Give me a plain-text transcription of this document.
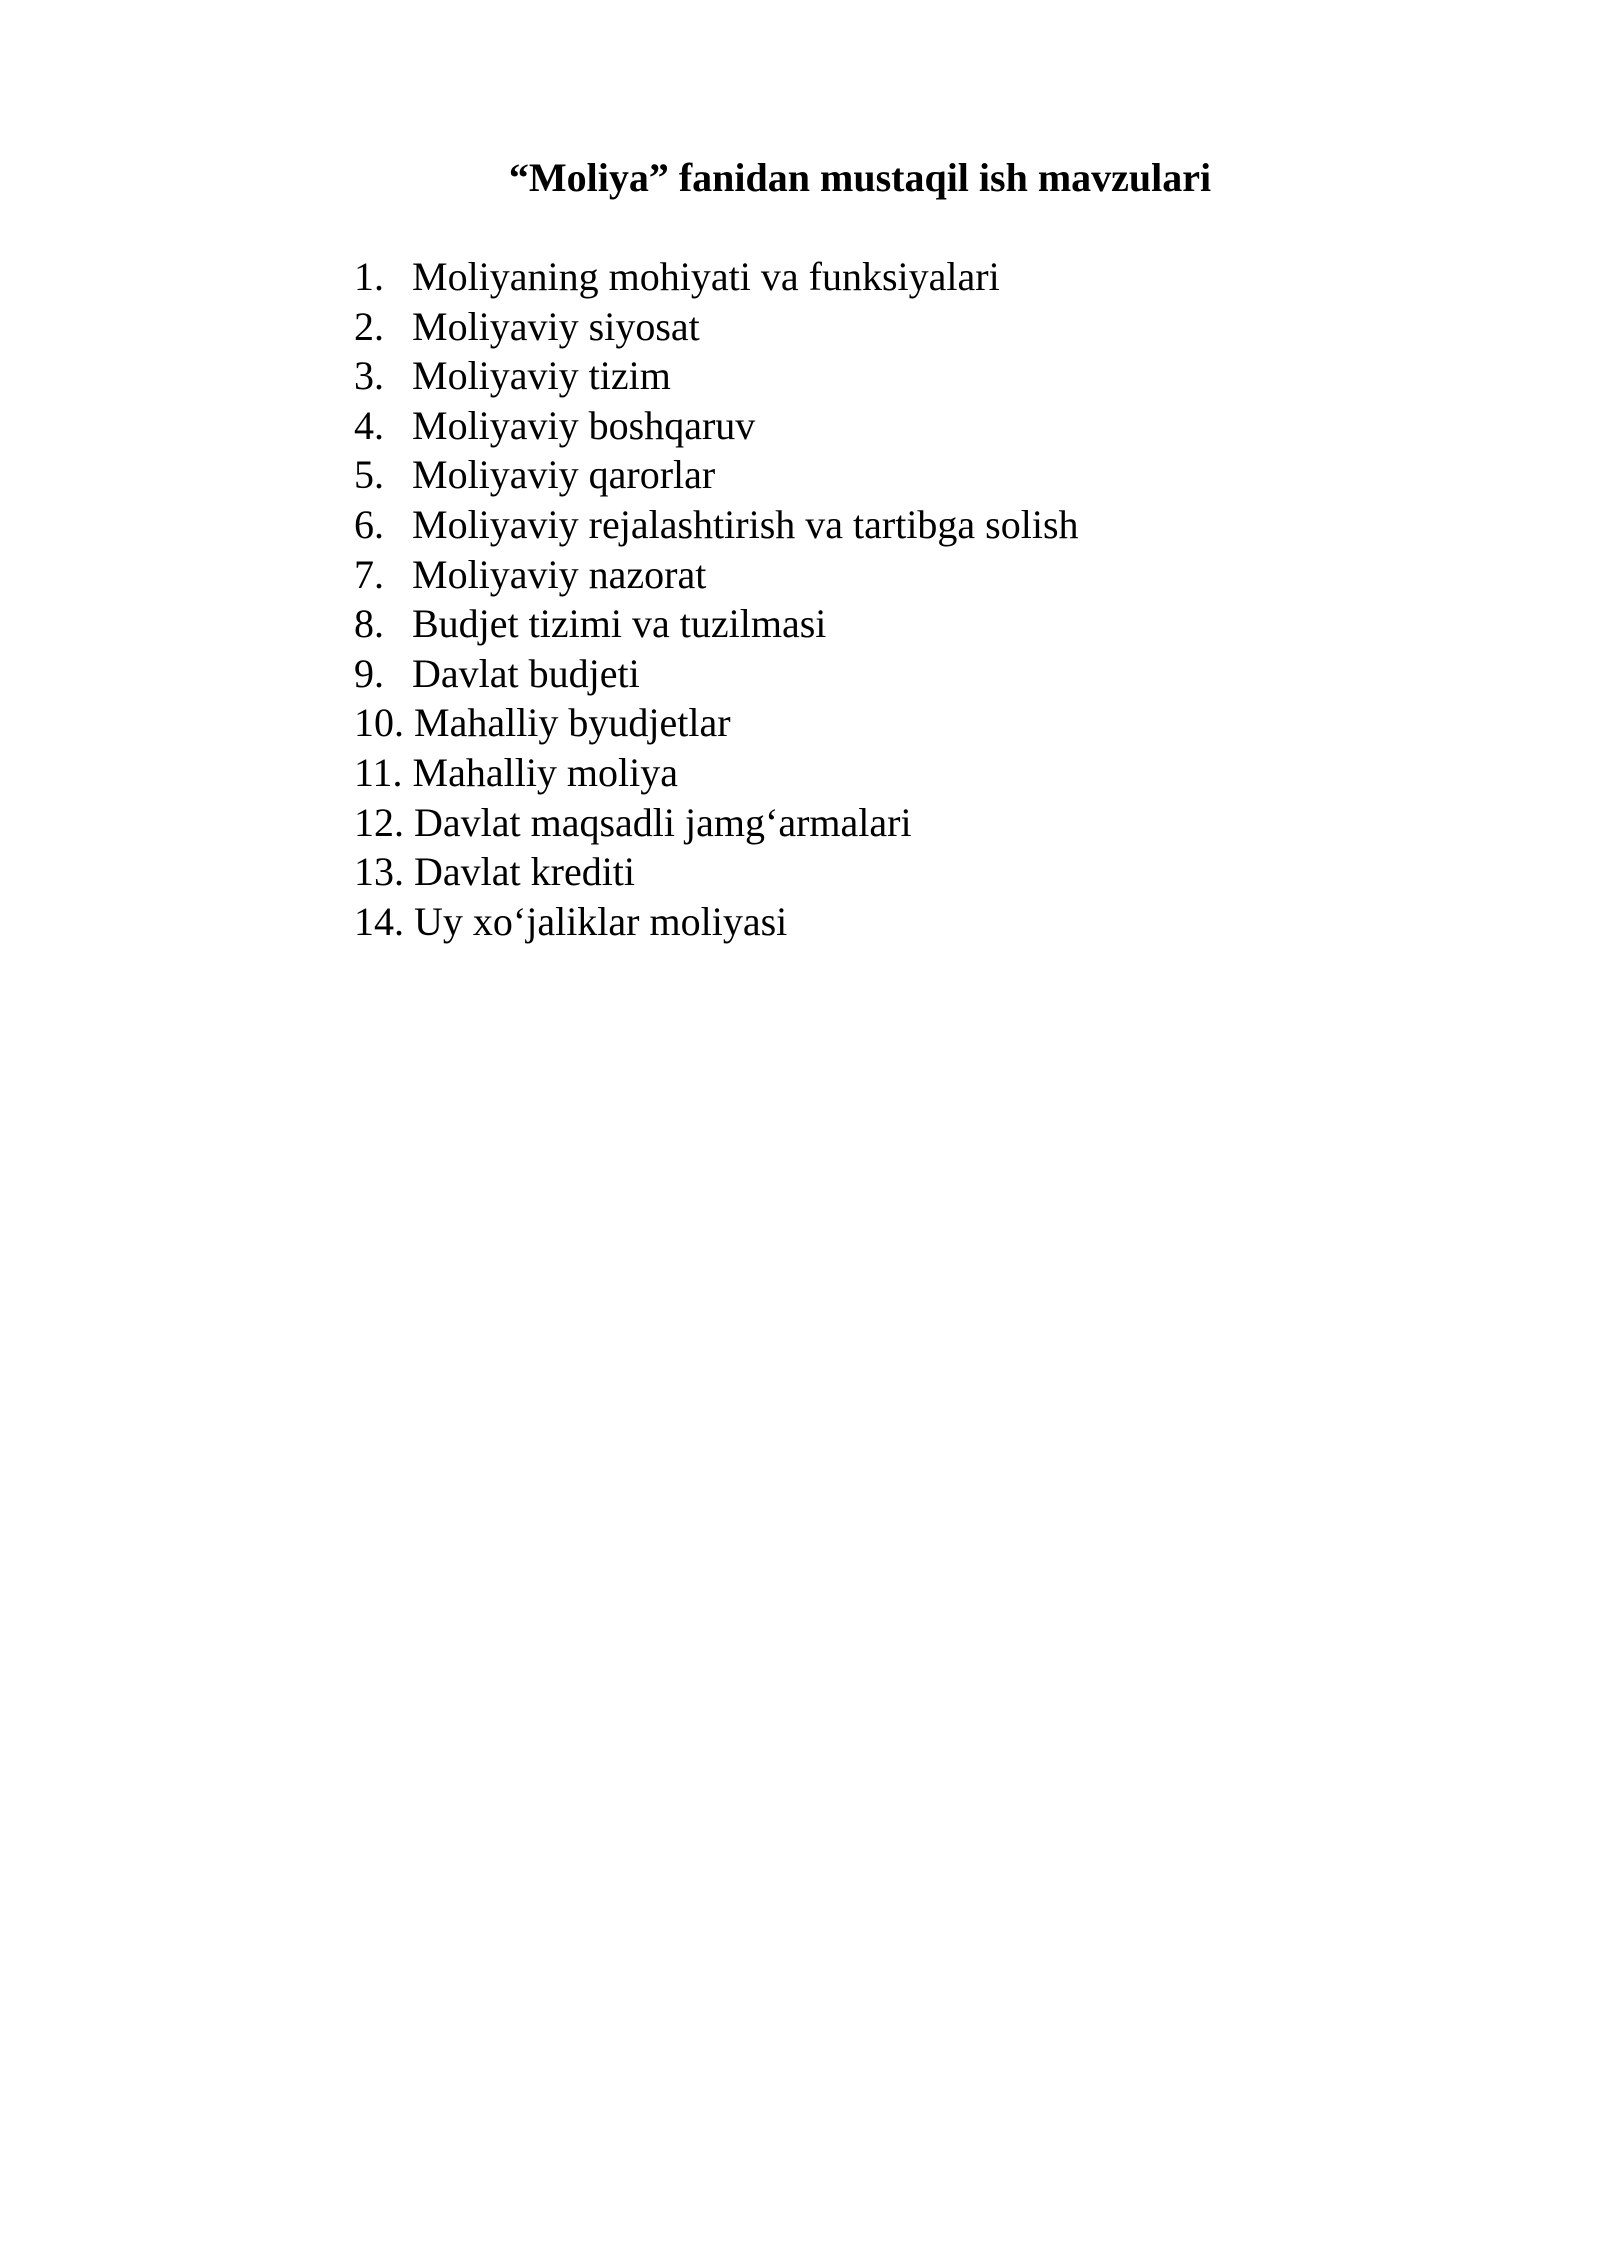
“Moliya” fanidan mustaqil ish mavzulari
1. Moliyaning mohiyati va funksiyalari
2. Moliyaviy siyosat
3. Moliyaviy tizim
4. Moliyaviy boshqaruv
5. Moliyaviy qarorlar
6. Moliyaviy rejalashtirish va tartibga solish
7. Moliyaviy nazorat
8. Budjet tizimi va tuzilmasi
9. Davlat budjeti
10. Mahalliy byudjetlar
11. Mahalliy moliya
12. Davlat maqsadli jamg‘armalari
13. Davlat krediti
14. Uy xo‘jaliklar moliyasi
